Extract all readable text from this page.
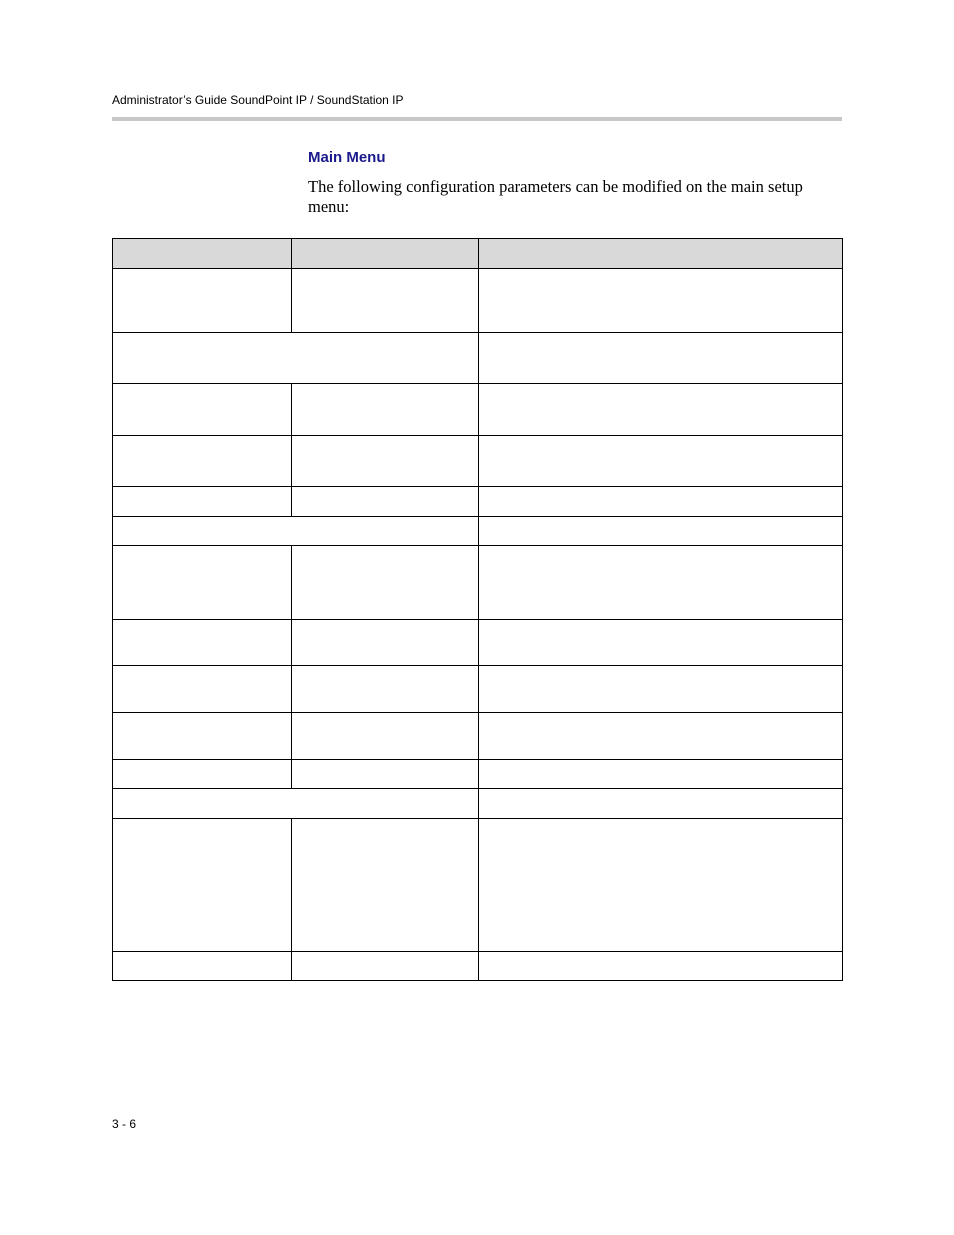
Administrator’s Guide SoundPoint IP / SoundStation IP
Main Menu

The following configuration parameters can be modified on the main setup menu:

3 - 6
